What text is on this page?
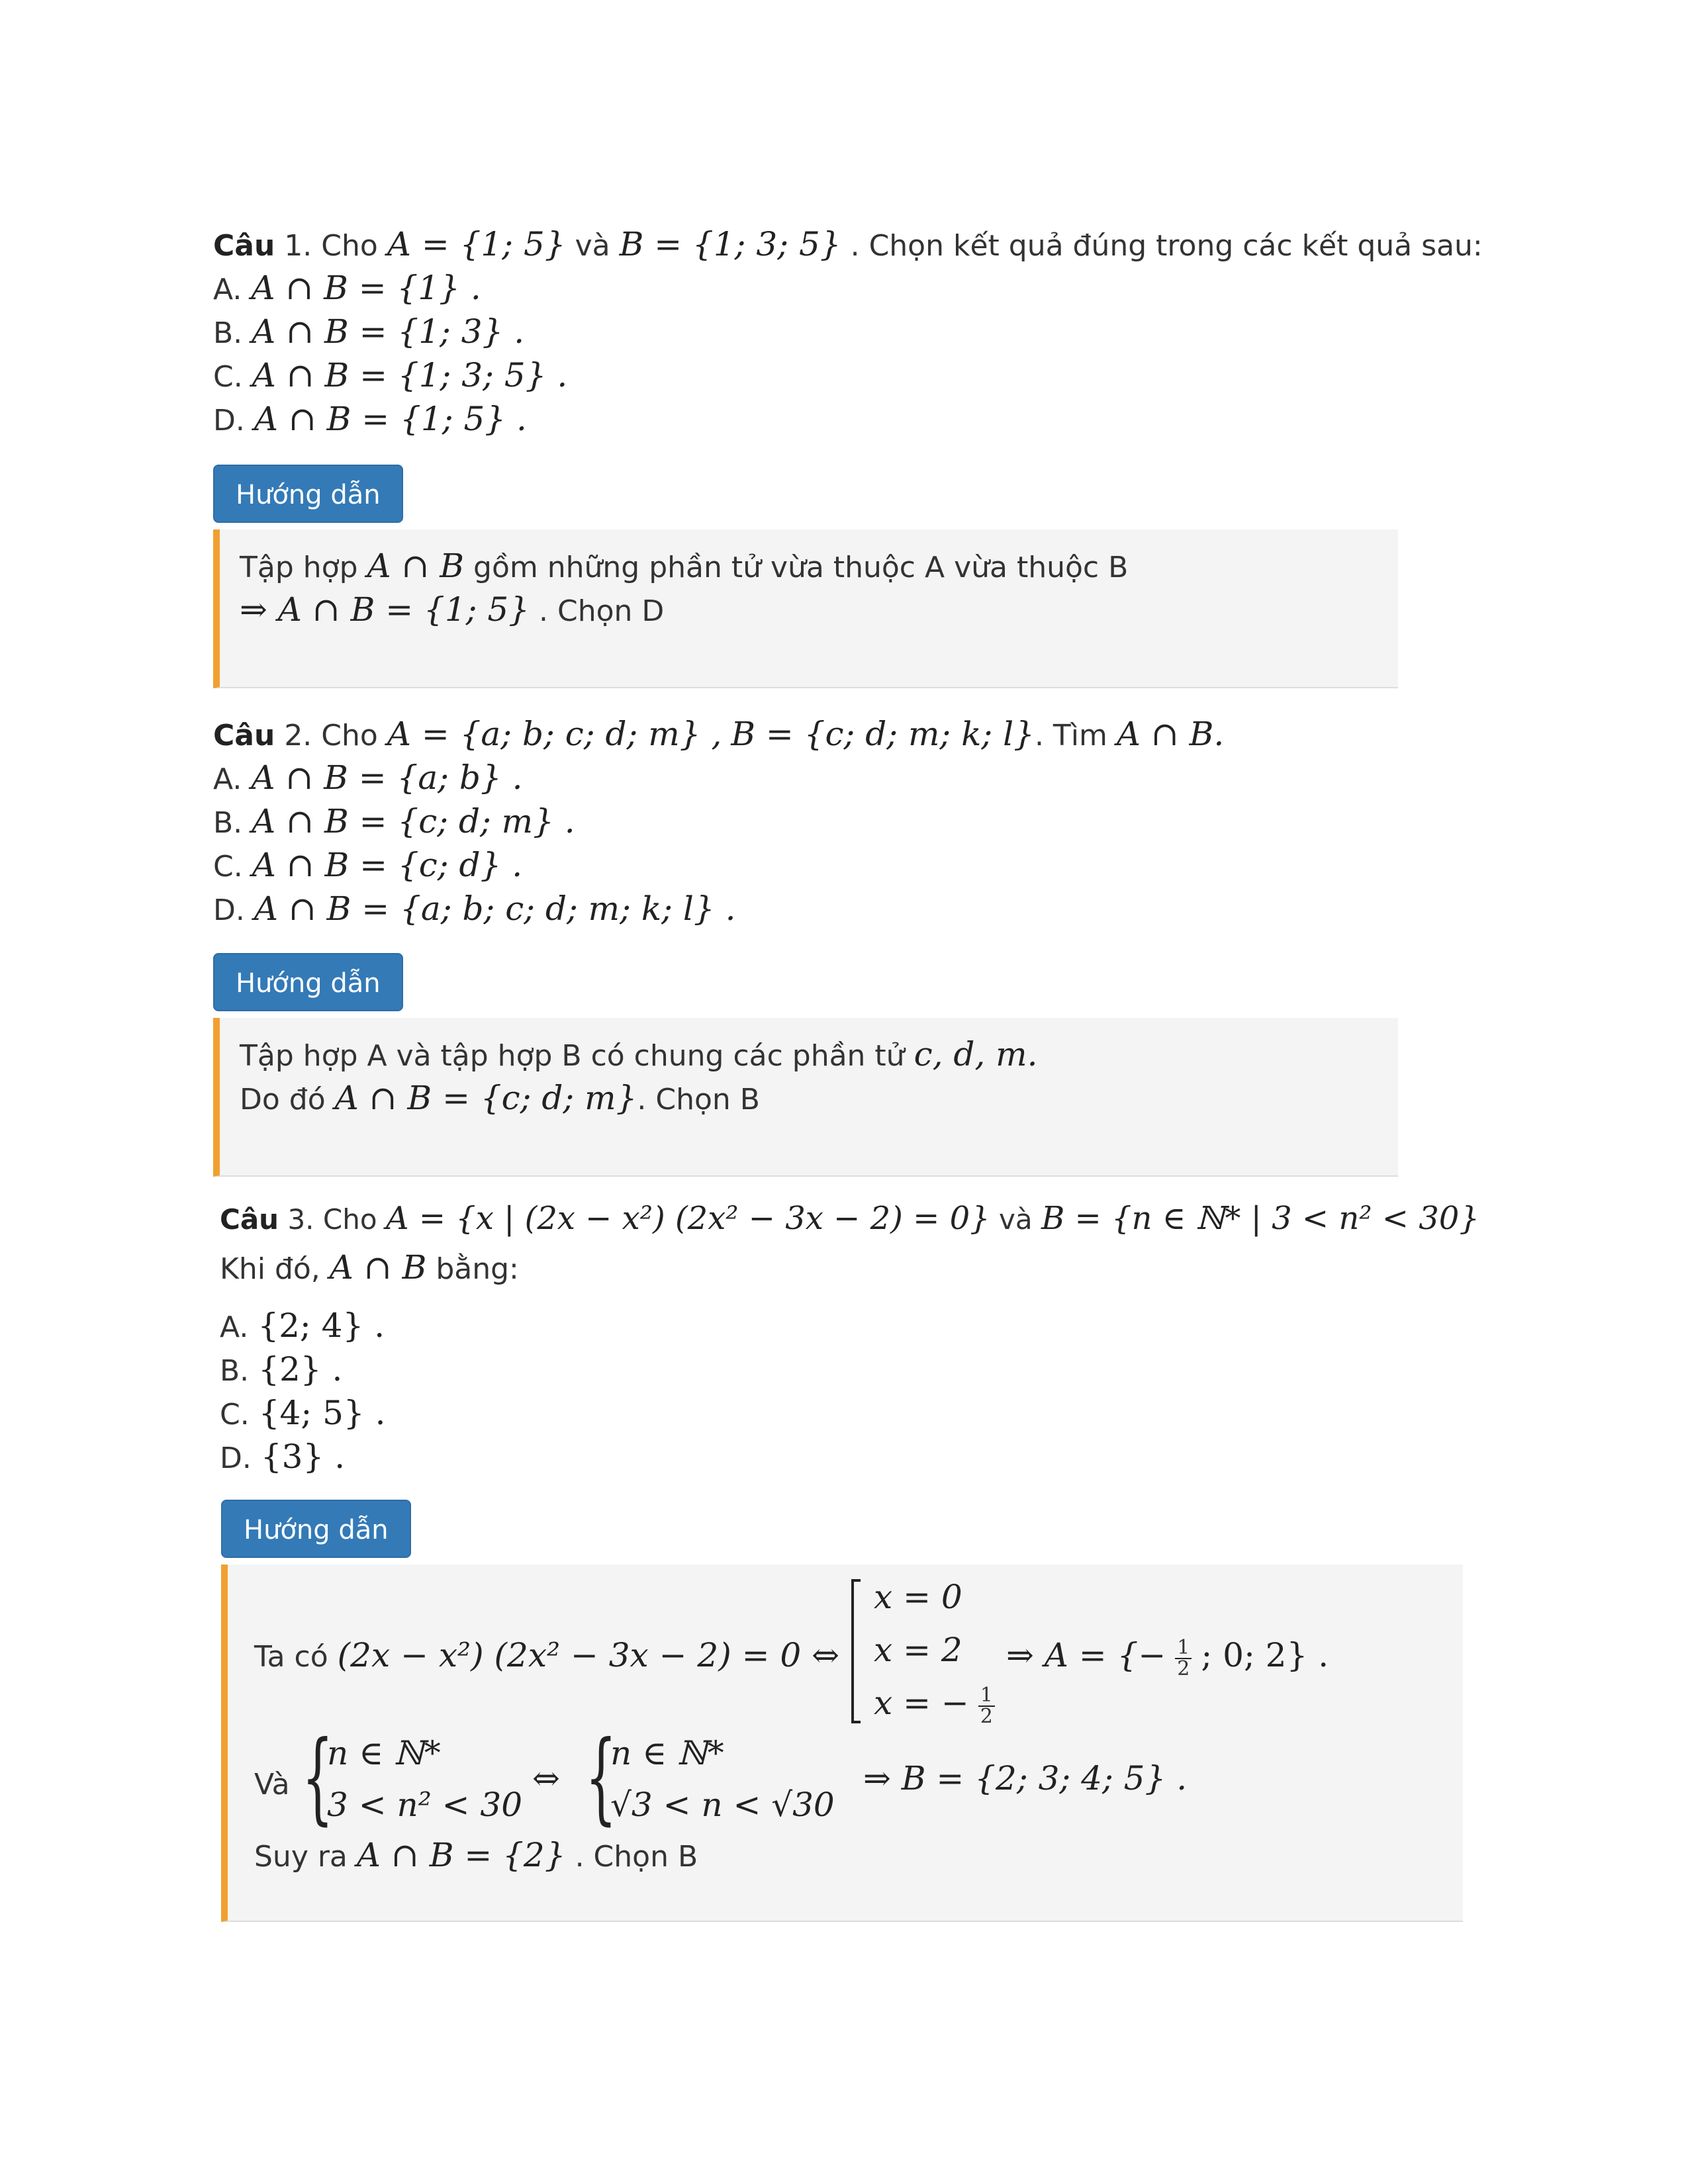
Câu 1. Cho A = {1; 5} và B = {1; 3; 5} . Chọn kết quả đúng trong các kết quả sau:
A. A ∩ B = {1} .
B. A ∩ B = {1; 3} .
C. A ∩ B = {1; 3; 5} .
D. A ∩ B = {1; 5} .
Hướng dẫn
Tập hợp A ∩ B gồm những phần tử vừa thuộc A vừa thuộc B
⇒ A ∩ B = {1; 5} . Chọn D
Câu 2. Cho A = {a; b; c; d; m} , B = {c; d; m; k; l}. Tìm A ∩ B.
A. A ∩ B = {a; b} .
B. A ∩ B = {c; d; m} .
C. A ∩ B = {c; d} .
D. A ∩ B = {a; b; c; d; m; k; l} .
Hướng dẫn
Tập hợp A và tập hợp B có chung các phần tử c, d, m.
Do đó A ∩ B = {c; d; m}. Chọn B
Câu 3. Cho A = {x | (2x − x²) (2x² − 3x − 2) = 0} và B = {n ∈ ℕ* | 3 < n² < 30}
Khi đó, A ∩ B bằng:
A. {2; 4} .
B. {2} .
C. {4; 5} .
D. {3} .
Hướng dẫn
Ta có (2x − x²) (2x² − 3x − 2) = 0 ⇔
x = 0
x = 2
x = − $\frac{1}{2}$
⇒ A = {− $\frac{1}{2}$ ; 0; 2} .
Và {
n ∈ ℕ*
3 < n² < 30
⇔ {
n ∈ ℕ*
√3 < n < √30
⇒ B = {2; 3; 4; 5} .
Suy ra A ∩ B = {2} . Chọn B
